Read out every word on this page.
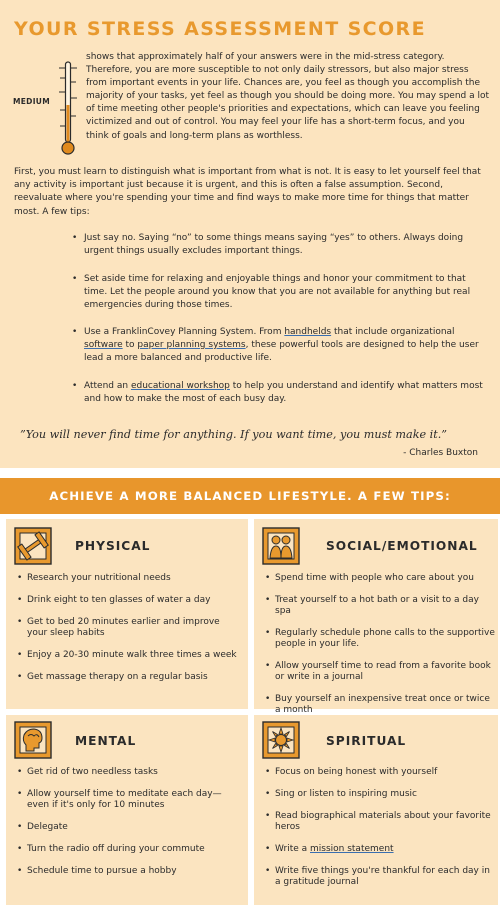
YOUR STRESS ASSESSMENT SCORE
MEDIUM

shows that approximately half of your answers were in the mid-stress category. Therefore, you are more susceptible to not only daily stressors, but also major stress from important events in your life. Chances are, you feel as though you accomplish the majority of your tasks, yet feel as though you should be doing more. You may spend a lot of time meeting other people's priorities and expectations, which can leave you feeling victimized and out of control. You may feel your life has a short-term focus, and you think of goals and long-term plans as worthless.

First, you must learn to distinguish what is important from what is not. It is easy to let yourself feel that any activity is important just because it is urgent, and this is often a false assumption. Second, reevaluate where you're spending your time and find ways to make more time for things that matter most. A few tips:

• Just say no. Saying “no” to some things means saying “yes” to others. Always doing urgent things usually excludes important things.
• Set aside time for relaxing and enjoyable things and honor your commitment to that time. Let the people around you know that you are not available for anything but real emergencies during those times.
• Use a FranklinCovey Planning System. From handhelds that include organizational software to paper planning systems, these powerful tools are designed to help the user lead a more balanced and productive life.
• Attend an educational workshop to help you understand and identify what matters most and how to make the most of each busy day.
”You will never find time for anything. If you want time, you must make it.”
- Charles Buxton
ACHIEVE A MORE BALANCED LIFESTYLE. A FEW TIPS:
PHYSICAL
• Research your nutritional needs
• Drink eight to ten glasses of water a day
• Get to bed 20 minutes earlier and improve your sleep habits
• Enjoy a 20-30 minute walk three times a week
• Get massage therapy on a regular basis
SOCIAL/EMOTIONAL
• Spend time with people who care about you
• Treat yourself to a hot bath or a visit to a day spa
• Regularly schedule phone calls to the supportive people in your life.
• Allow yourself time to read from a favorite book or write in a journal
• Buy yourself an inexpensive treat once or twice a month
MENTAL
• Get rid of two needless tasks
• Allow yourself time to meditate each day—even if it's only for 10 minutes
• Delegate
• Turn the radio off during your commute
• Schedule time to pursue a hobby
SPIRITUAL
• Focus on being honest with yourself
• Sing or listen to inspiring music
• Read biographical materials about your favorite heros
• Write a mission statement
• Write five things you're thankful for each day in a gratitude journal
